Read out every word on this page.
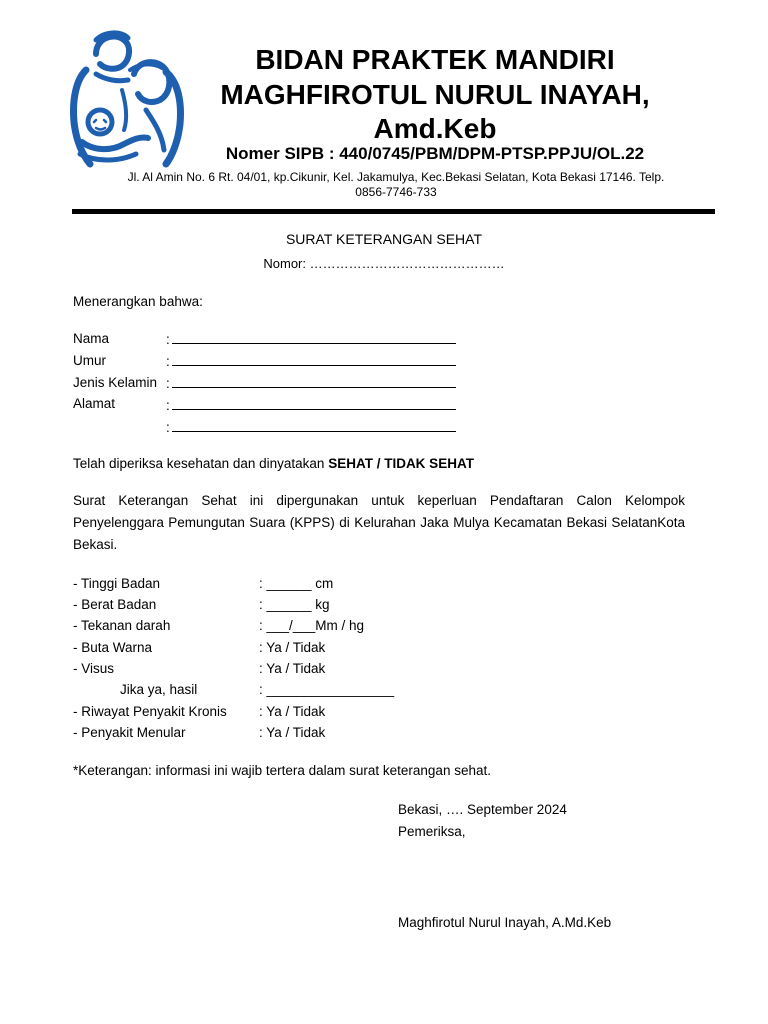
BIDAN PRAKTEK MANDIRI
MAGHFIROTUL NURUL INAYAH,
Amd.Keb
Nomer SIPB : 440/0745/PBM/DPM-PTSP.PPJU/OL.22
Jl. Al Amin No. 6 Rt. 04/01, kp.Cikunir, Kel. Jakamulya, Kec.Bekasi Selatan, Kota Bekasi 17146. Telp.
0856-7746-733
SURAT KETERANGAN SEHAT
Nomor: ………………………………………
Menerangkan bahwa:
Nama	:
Umur	:
Jenis Kelamin :
Alamat	:
:
Telah diperiksa kesehatan dan dinyatakan SEHAT / TIDAK SEHAT
Surat Keterangan Sehat ini dipergunakan untuk keperluan Pendaftaran Calon Kelompok Penyelenggara Pemungutan Suara (KPPS) di Kelurahan Jaka Mulya Kecamatan Bekasi SelatanKota Bekasi.
- Tinggi Badan	: ______ cm
- Berat Badan	: ______ kg
- Tekanan darah	: ___/___Mm / hg
- Buta Warna	: Ya / Tidak
- Visus	: Ya / Tidak
Jika ya, hasil	: _________________
- Riwayat Penyakit Kronis : Ya / Tidak
- Penyakit Menular	: Ya / Tidak
*Keterangan: informasi ini wajib tertera dalam surat keterangan sehat.
Bekasi, …. September 2024
Pemeriksa,
Maghfirotul Nurul Inayah, A.Md.Keb
